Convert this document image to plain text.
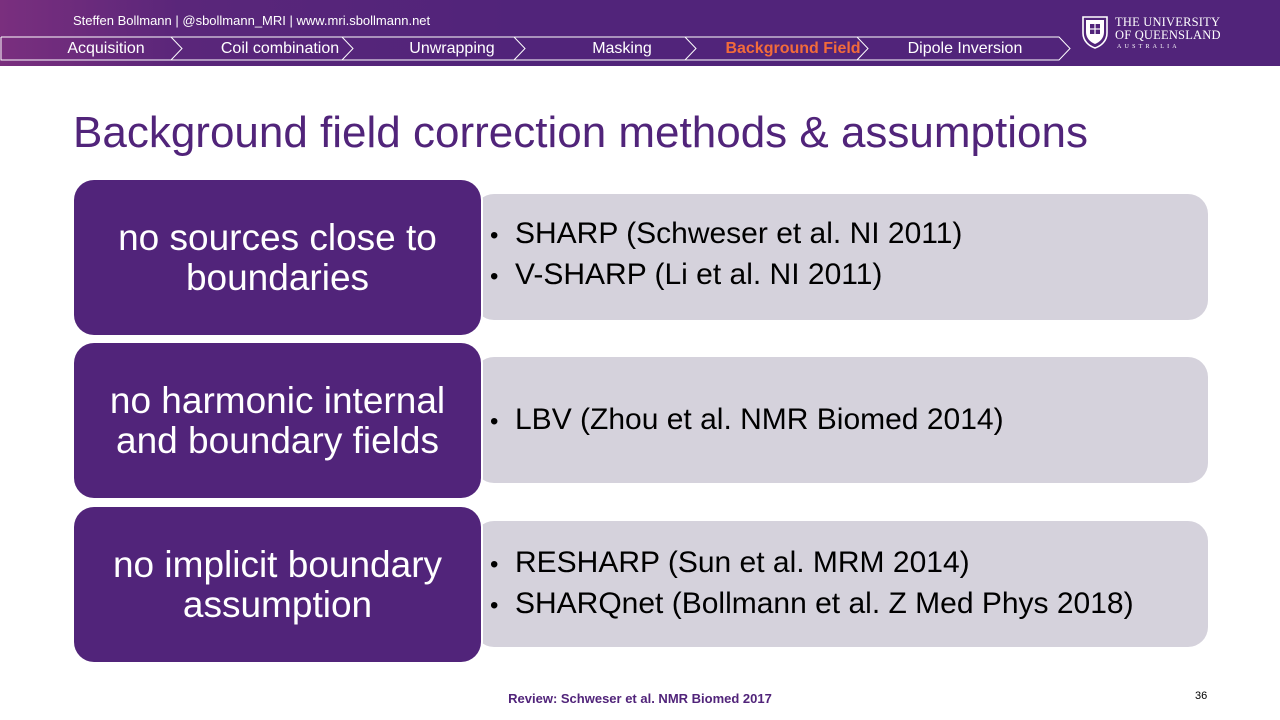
Steffen Bollmann | @sbollmann_MRI | www.mri.sbollmann.net
Acquisition	Coil combination	Unwrapping	Masking	Background Field	Dipole Inversion
THE UNIVERSITY
OF QUEENSLAND
AUSTRALIA
Background field correction methods & assumptions
no sources close to
boundaries
• SHARP (Schweser et al. NI 2011)
• V-SHARP (Li et al. NI 2011)
no harmonic internal
and boundary fields • LBV (Zhou et al. NMR Biomed 2014)
no implicit boundary
assumption
• RESHARP (Sun et al. MRM 2014)
• SHARQnet (Bollmann et al. Z Med Phys 2018)
Review: Schweser et al. NMR Biomed 2017	36
